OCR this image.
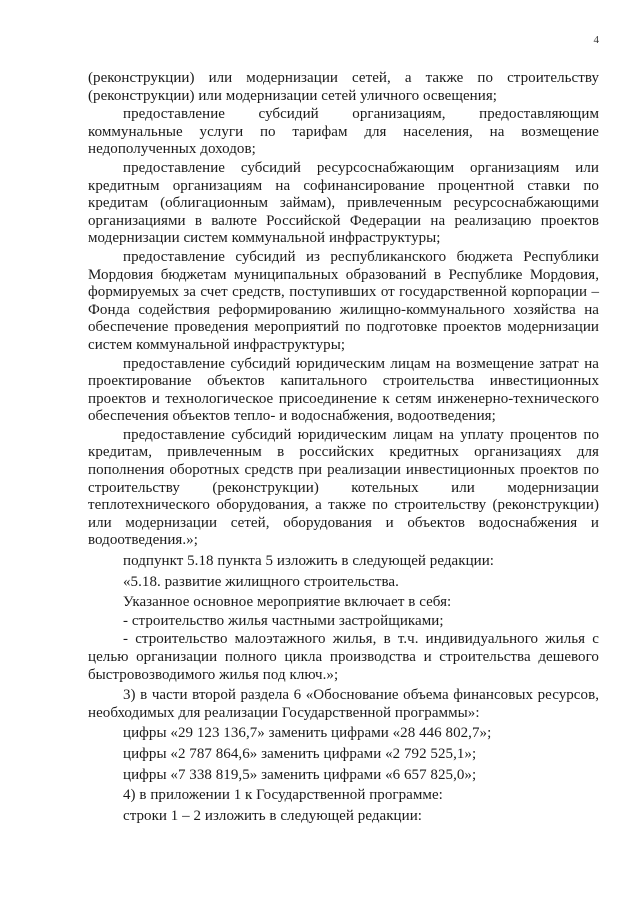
4

(реконструкции) или модернизации сетей, а также по строительству (реконструкции) или модернизации сетей уличного освещения;

предоставление субсидий организациям, предоставляющим коммунальные услуги по тарифам для населения, на возмещение недополученных доходов;

предоставление субсидий ресурсоснабжающим организациям или кредитным организациям на софинансирование процентной ставки по кредитам (облигационным займам), привлеченным ресурсоснабжающими организациями в валюте Российской Федерации на реализацию проектов модернизации систем коммунальной инфраструктуры;

предоставление субсидий из республиканского бюджета Республики Мордовия бюджетам муниципальных образований в Республике Мордовия, формируемых за счет средств, поступивших от государственной корпорации – Фонда содействия реформированию жилищно-коммунального хозяйства на обеспечение проведения мероприятий по подготовке проектов модернизации систем коммунальной инфраструктуры;

предоставление субсидий юридическим лицам на возмещение затрат на проектирование объектов капитального строительства инвестиционных проектов и технологическое присоединение к сетям инженерно-технического обеспечения объектов тепло- и водоснабжения, водоотведения;

предоставление субсидий юридическим лицам на уплату процентов по кредитам, привлеченным в российских кредитных организациях для пополнения оборотных средств при реализации инвестиционных проектов по строительству (реконструкции) котельных или модернизации теплотехнического оборудования, а также по строительству (реконструкции) или модернизации сетей, оборудования и объектов водоснабжения и водоотведения.»;

подпункт 5.18 пункта 5 изложить в следующей редакции:

«5.18. развитие жилищного строительства.

Указанное основное мероприятие включает в себя:

- строительство жилья частными застройщиками;

- строительство малоэтажного жилья, в т.ч. индивидуального жилья с целью организации полного цикла производства и строительства дешевого быстровозводимого жилья под ключ.»;

3) в части второй раздела 6 «Обоснование объема финансовых ресурсов, необходимых для реализации Государственной программы»:

цифры «29 123 136,7» заменить цифрами «28 446 802,7»;

цифры «2 787 864,6» заменить цифрами «2 792 525,1»;

цифры «7 338 819,5» заменить цифрами «6 657 825,0»;

4) в приложении 1 к Государственной программе:

строки 1 – 2 изложить в следующей редакции:
